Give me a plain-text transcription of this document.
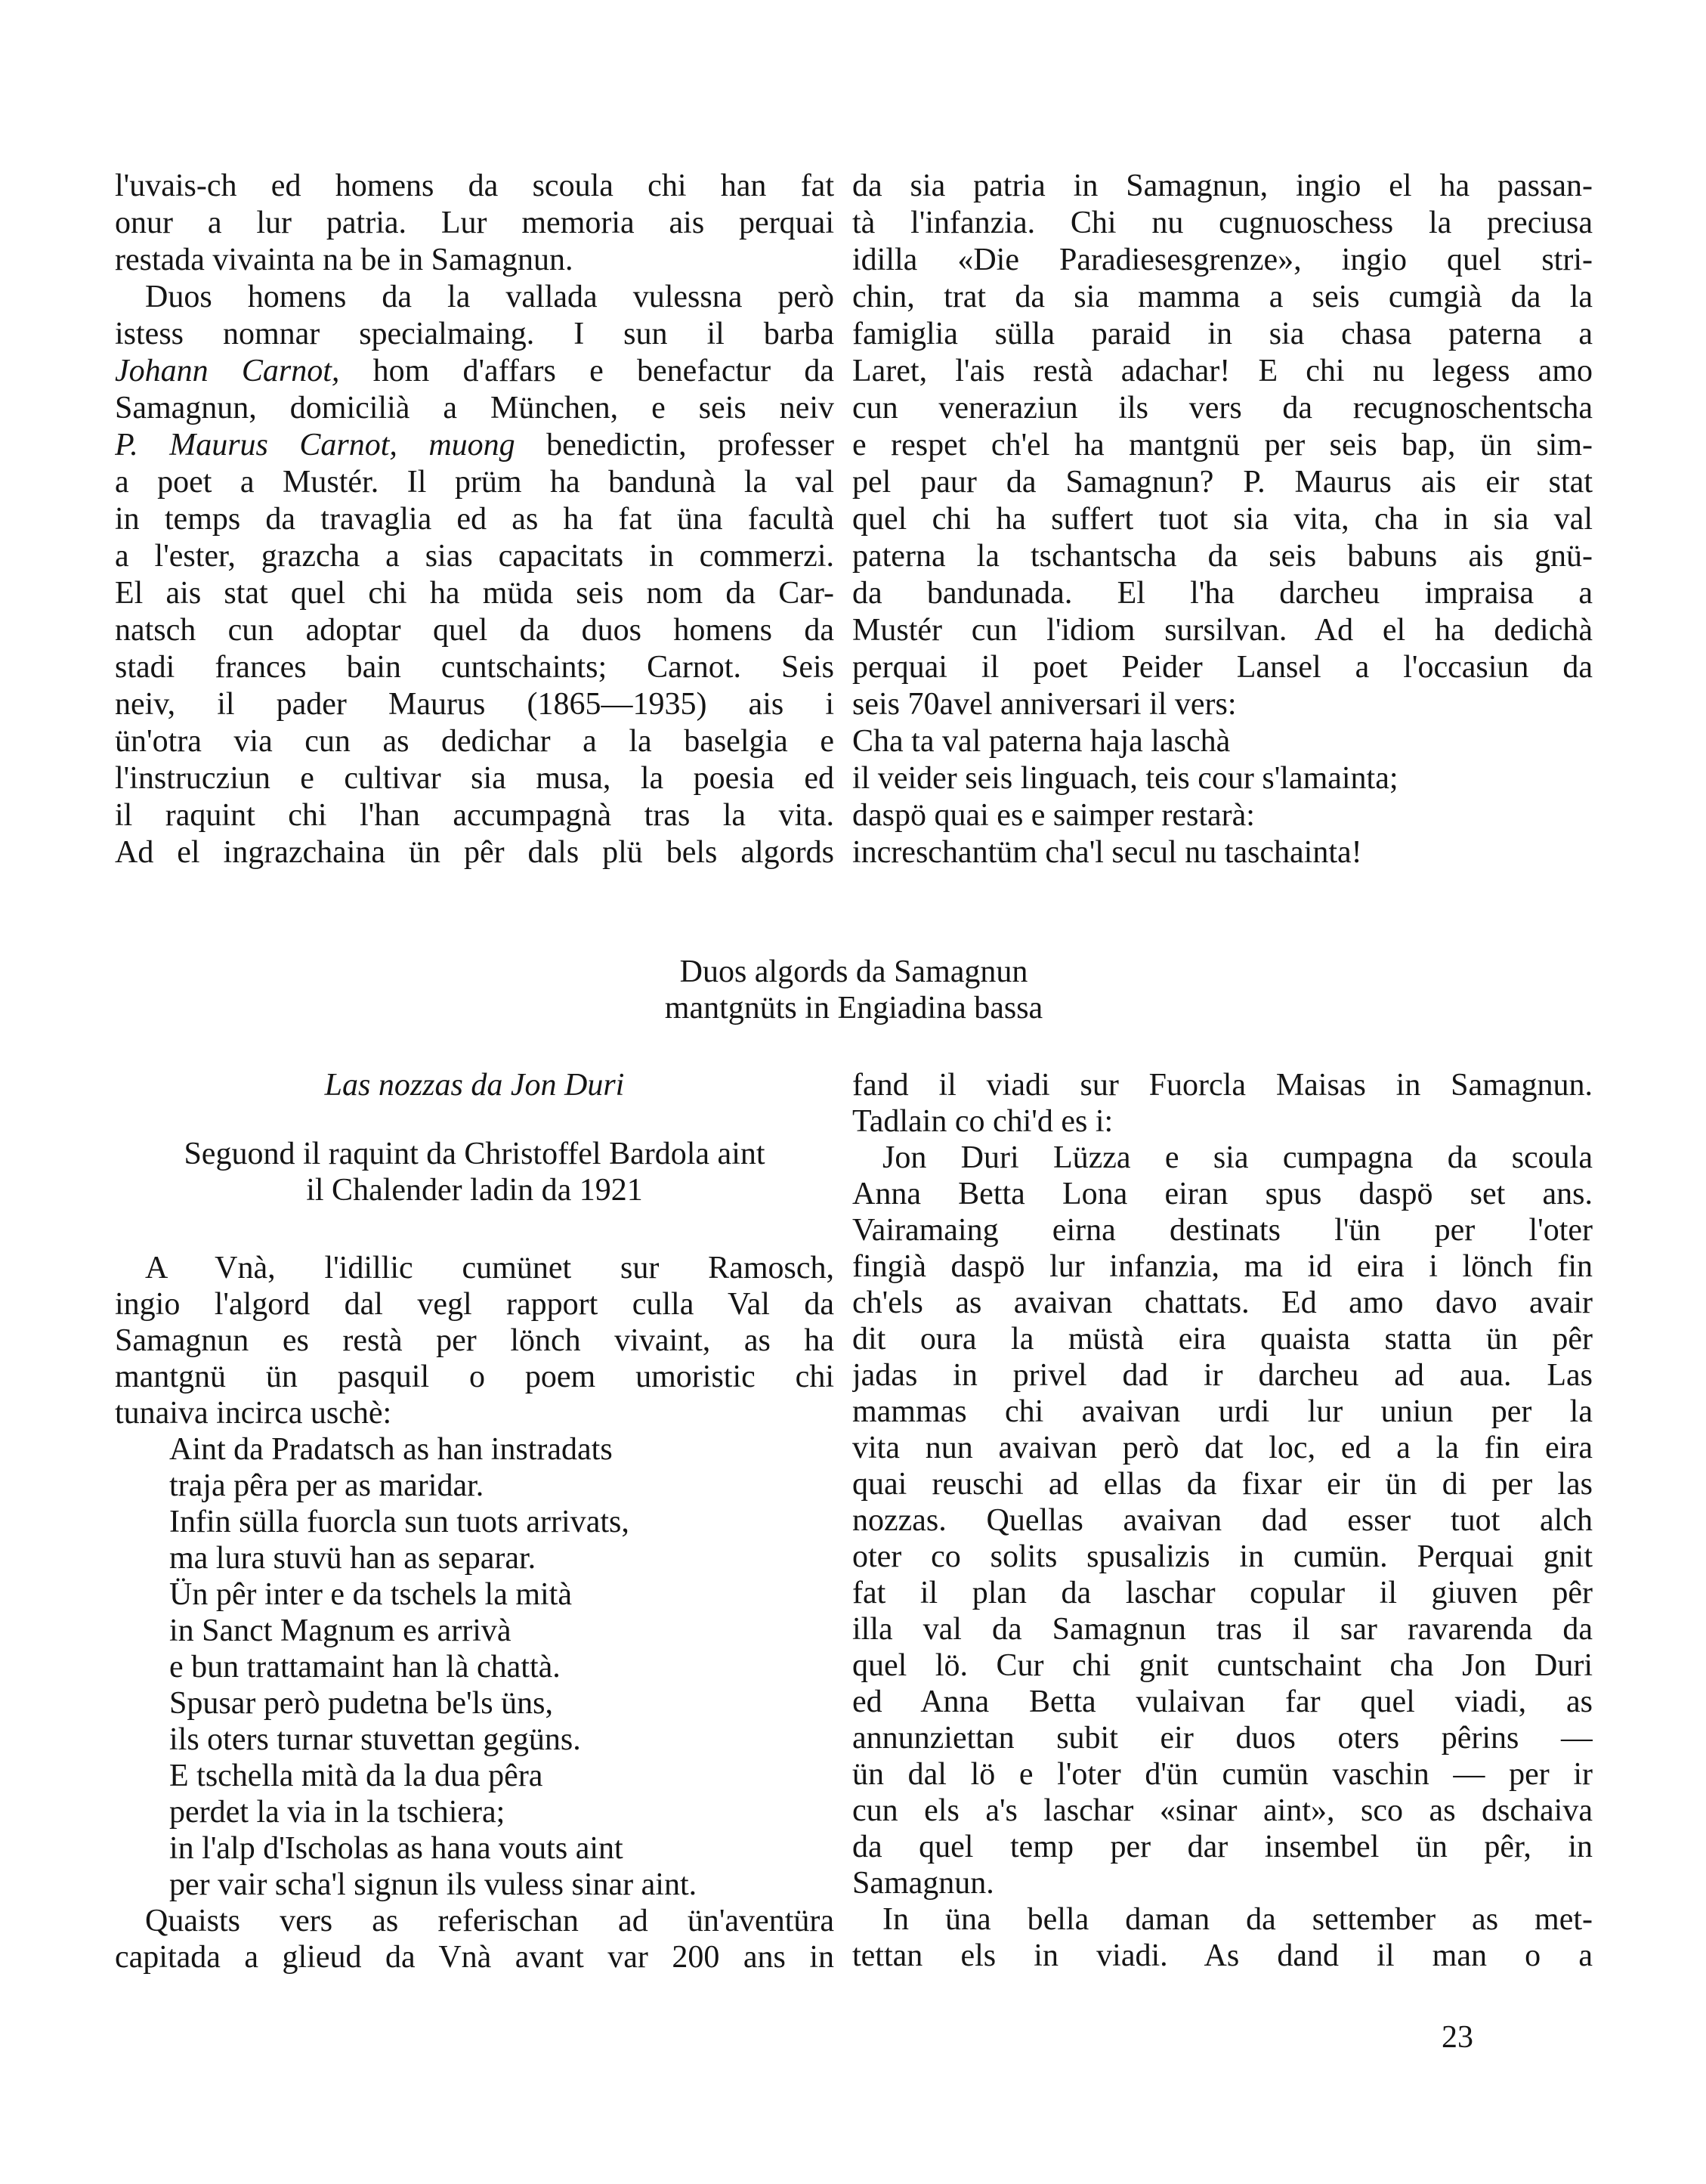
l'uvais-ch ed homens da scoula chi han fat
onur a lur patria. Lur memoria ais perquai
restada vivainta na be in Samagnun.
Duos homens da la vallada vulessna però
istess nomnar specialmaing. I sun il barba
Johann Carnot, hom d'affars e benefactur da
Samagnun, domicilià a München, e seis neiv
P. Maurus Carnot, muong benedictin, professer
a poet a Mustér. Il prüm ha bandunà la val
in temps da travaglia ed as ha fat üna facultà
a l'ester, grazcha a sias capacitats in commerzi.
El ais stat quel chi ha müda seis nom da Car-
natsch cun adoptar quel da duos homens da
stadi frances bain cuntschaints; Carnot. Seis
neiv, il pader Maurus (1865—1935) ais i
ün'otra via cun as dedichar a la baselgia e
l'instrucziun e cultivar sia musa, la poesia ed
il raquint chi l'han accumpagnà tras la vita.
Ad el ingrazchaina ün pêr dals plü bels algords
da sia patria in Samagnun, ingio el ha passan-
tà l'infanzia. Chi nu cugnuoschess la preciusa
idilla «Die Paradiesesgrenze», ingio quel stri-
chin, trat da sia mamma a seis cumgià da la
famiglia sülla paraid in sia chasa paterna a
Laret, l'ais restà adachar! E chi nu legess amo
cun veneraziun ils vers da recugnoschentscha
e respet ch'el ha mantgnü per seis bap, ün sim-
pel paur da Samagnun? P. Maurus ais eir stat
quel chi ha suffert tuot sia vita, cha in sia val
paterna la tschantscha da seis babuns ais gnü-
da bandunada. El l'ha darcheu impraisa a
Mustér cun l'idiom sursilvan. Ad el ha dedichà
perquai il poet Peider Lansel a l'occasiun da
seis 70avel anniversari il vers:
Cha ta val paterna haja laschà
il veider seis linguach, teis cour s'lamainta;
daspö quai es e saimper restarà:
increschantüm cha'l secul nu taschainta!
Duos algords da Samagnun
mantgnüts in Engiadina bassa
Las nozzas da Jon Duri
Seguond il raquint da Christoffel Bardola aint
il Chalender ladin da 1921
A Vnà, l'idillic cumünet sur Ramosch,
ingio l'algord dal vegl rapport culla Val da
Samagnun es restà per lönch vivaint, as ha
mantgnü ün pasquil o poem umoristic chi
tunaiva incirca uschè:
Aint da Pradatsch as han instradats
traja pêra per as maridar.
Infin sülla fuorcla sun tuots arrivats,
ma lura stuvü han as separar.
Ün pêr inter e da tschels la mità
in Sanct Magnum es arrivà
e bun trattamaint han là chattà.
Spusar però pudetna be'ls üns,
ils oters turnar stuvettan gegüns.
E tschella mità da la dua pêra
perdet la via in la tschiera;
in l'alp d'Ischolas as hana vouts aint
per vair scha'l signun ils vuless sinar aint.
Quaists vers as referischan ad ün'aventüra
capitada a glieud da Vnà avant var 200 ans in
fand il viadi sur Fuorcla Maisas in Samagnun.
Tadlain co chi'd es i:
Jon Duri Lüzza e sia cumpagna da scoula
Anna Betta Lona eiran spus daspö set ans.
Vairamaing eirna destinats l'ün per l'oter
fingià daspö lur infanzia, ma id eira i lönch fin
ch'els as avaivan chattats. Ed amo davo avair
dit oura la müstà eira quaista statta ün pêr
jadas in privel dad ir darcheu ad aua. Las
mammas chi avaivan urdi lur uniun per la
vita nun avaivan però dat loc, ed a la fin eira
quai reuschi ad ellas da fixar eir ün di per las
nozzas. Quellas avaivan dad esser tuot alch
oter co solits spusalizis in cumün. Perquai gnit
fat il plan da laschar copular il giuven pêr
illa val da Samagnun tras il sar ravarenda da
quel lö. Cur chi gnit cuntschaint cha Jon Duri
ed Anna Betta vulaivan far quel viadi, as
annunziettan subit eir duos oters pêrins —
ün dal lö e l'oter d'ün cumün vaschin — per ir
cun els a's laschar «sinar aint», sco as dschaiva
da quel temp per dar insembel ün pêr, in
Samagnun.
In üna bella daman da settember as met-
tettan els in viadi. As dand il man o a
23
